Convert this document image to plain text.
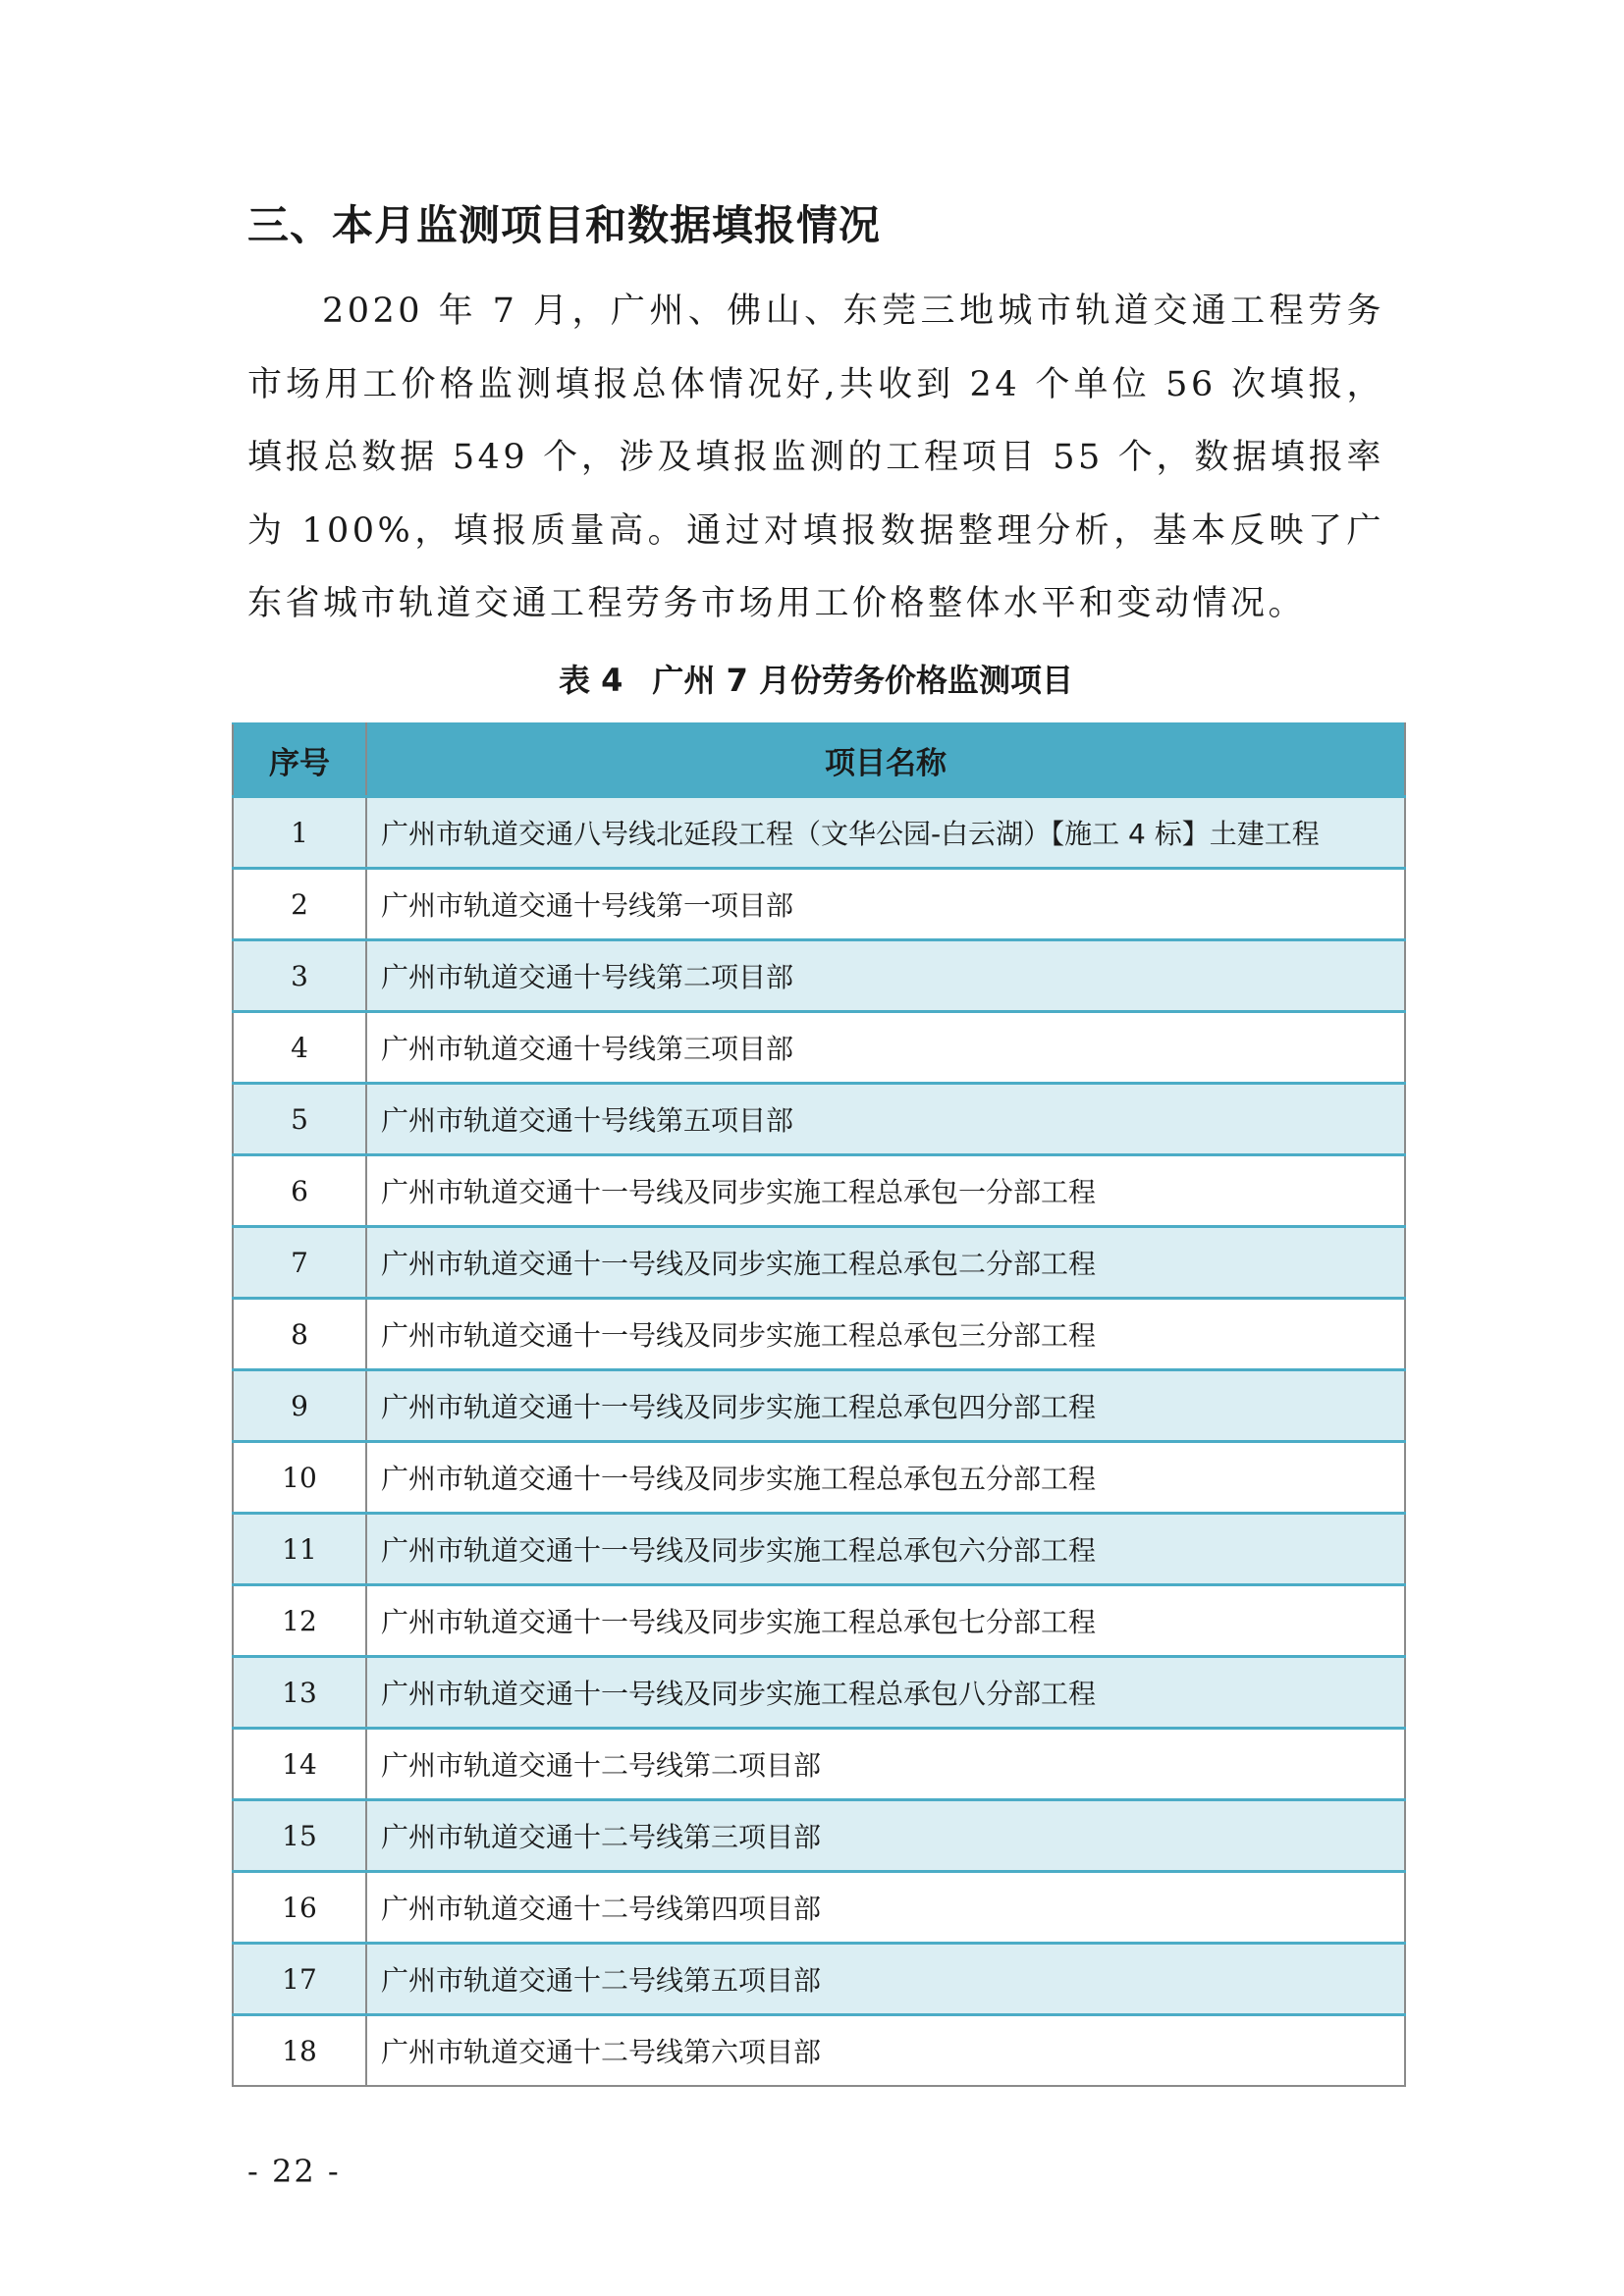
三、本月监测项目和数据填报情况

2020 年 7 月，广州、佛山、东莞三地城市轨道交通工程劳务市场用工价格监测填报总体情况好,共收到 24 个单位 56 次填报，填报总数据 549 个，涉及填报监测的工程项目 55 个，数据填报率为 100%，填报质量高。通过对填报数据整理分析，基本反映了广东省城市轨道交通工程劳务市场用工价格整体水平和变动情况。

表 4 广州 7 月份劳务价格监测项目

序号	项目名称
1	广州市轨道交通八号线北延段工程（文华公园-白云湖）【施工 4 标】土建工程
2	广州市轨道交通十号线第一项目部
3	广州市轨道交通十号线第二项目部
4	广州市轨道交通十号线第三项目部
5	广州市轨道交通十号线第五项目部
6	广州市轨道交通十一号线及同步实施工程总承包一分部工程
7	广州市轨道交通十一号线及同步实施工程总承包二分部工程
8	广州市轨道交通十一号线及同步实施工程总承包三分部工程
9	广州市轨道交通十一号线及同步实施工程总承包四分部工程
10	广州市轨道交通十一号线及同步实施工程总承包五分部工程
11	广州市轨道交通十一号线及同步实施工程总承包六分部工程
12	广州市轨道交通十一号线及同步实施工程总承包七分部工程
13	广州市轨道交通十一号线及同步实施工程总承包八分部工程
14	广州市轨道交通十二号线第二项目部
15	广州市轨道交通十二号线第三项目部
16	广州市轨道交通十二号线第四项目部
17	广州市轨道交通十二号线第五项目部
18	广州市轨道交通十二号线第六项目部

- 22 -
